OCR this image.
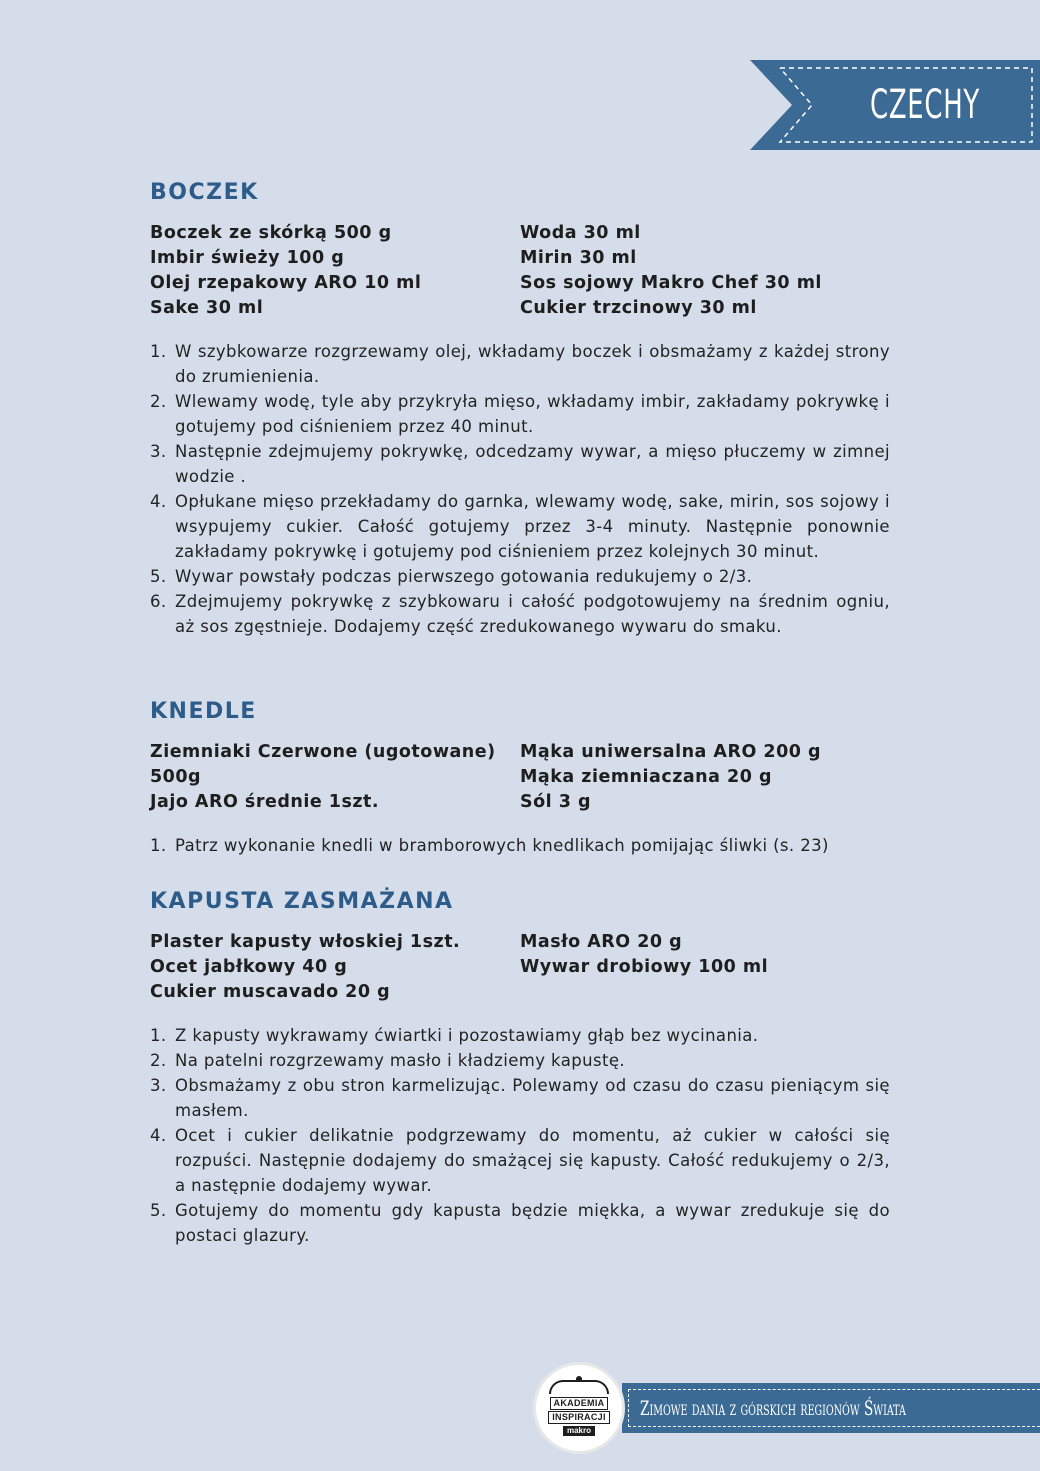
CZECHY
BOCZEK
Boczek ze skórką 500 g
Imbir świeży 100 g
Olej rzepakowy ARO 10 ml
Sake 30 ml
Woda 30 ml
Mirin 30 ml
Sos sojowy Makro Chef 30 ml
Cukier trzcinowy 30 ml
1. W szybkowarze rozgrzewamy olej, wkładamy boczek i obsmażamy z każdej strony do zrumienienia.
2. Wlewamy wodę, tyle aby przykryła mięso, wkładamy imbir, zakładamy pokrywkę i gotujemy pod ciśnieniem przez 40 minut.
3. Następnie zdejmujemy pokrywkę, odcedzamy wywar, a mięso płuczemy w zimnej wodzie .
4. Opłukane mięso przekładamy do garnka, wlewamy wodę, sake, mirin, sos sojowy i wsypujemy cukier. Całość gotujemy przez 3-4 minuty. Następnie ponownie zakładamy pokrywkę i gotujemy pod ciśnieniem przez kolejnych 30 minut.
5. Wywar powstały podczas pierwszego gotowania redukujemy o 2/3.
6. Zdejmujemy pokrywkę z szybkowaru i całość podgotowujemy na średnim ogniu, aż sos zgęstnieje. Dodajemy część zredukowanego wywaru do smaku.
KNEDLE
Ziemniaki Czerwone (ugotowane)
500g
Jajo ARO średnie 1szt.
Mąka uniwersalna ARO 200 g
Mąka ziemniaczana 20 g
Sól 3 g
1. Patrz wykonanie knedli w bramborowych knedlikach pomijając śliwki (s. 23)
KAPUSTA ZASMAŻANA
Plaster kapusty włoskiej 1szt.
Ocet jabłkowy 40 g
Cukier muscavado 20 g
Masło ARO 20 g
Wywar drobiowy 100 ml
1. Z kapusty wykrawamy ćwiartki i pozostawiamy głąb bez wycinania.
2. Na patelni rozgrzewamy masło i kładziemy kapustę.
3. Obsmażamy z obu stron karmelizując. Polewamy od czasu do czasu pieniącym się masłem.
4. Ocet i cukier delikatnie podgrzewamy do momentu, aż cukier w całości się rozpuści. Następnie dodajemy do smażącej się kapusty. Całość redukujemy o 2/3, a następnie dodajemy wywar.
5. Gotujemy do momentu gdy kapusta będzie miękka, a wywar zredukuje się do postaci glazury.
Zimowe dania z górskich regionów Świata
AKADEMIA
INSPIRACJI
makro
